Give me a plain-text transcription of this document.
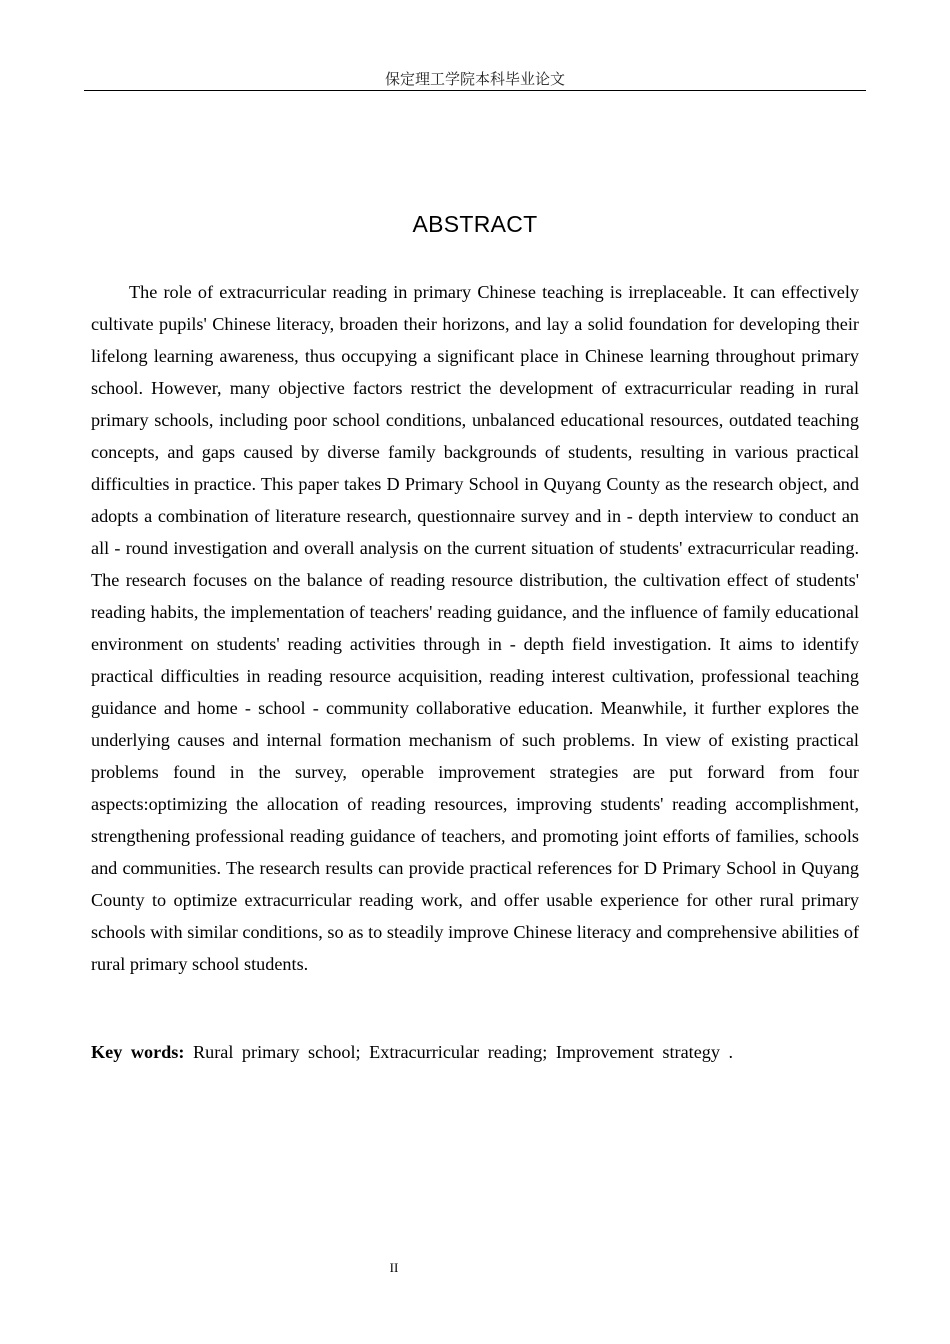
保定理工学院本科毕业论文
ABSTRACT

The role of extracurricular reading in primary Chinese teaching is irreplaceable. It can effectively cultivate pupils' Chinese literacy, broaden their horizons, and lay a solid foundation for developing their lifelong learning awareness, thus occupying a significant place in Chinese learning throughout primary school. However, many objective factors restrict the development of extracurricular reading in rural primary schools, including poor school conditions, unbalanced educational resources, outdated teaching concepts, and gaps caused by diverse family backgrounds of students, resulting in various practical difficulties in practice. This paper takes D Primary School in Quyang County as the research object, and adopts a combination of literature research, questionnaire survey and in - depth interview to conduct an all - round investigation and overall analysis on the current situation of students' extracurricular reading. The research focuses on the balance of reading resource distribution, the cultivation effect of students' reading habits, the implementation of teachers' reading guidance, and the influence of family educational environment on students' reading activities through in - depth field investigation. It aims to identify practical difficulties in reading resource acquisition, reading interest cultivation, professional teaching guidance and home - school - community collaborative education. Meanwhile, it further explores the underlying causes and internal formation mechanism of such problems. In view of existing practical problems found in the survey, operable improvement strategies are put forward from four aspects:optimizing the allocation of reading resources, improving students' reading accomplishment, strengthening professional reading guidance of teachers, and promoting joint efforts of families, schools and communities. The research results can provide practical references for D Primary School in Quyang County to optimize extracurricular reading work, and offer usable experience for other rural primary schools with similar conditions, so as to steadily improve Chinese literacy and comprehensive abilities of rural primary school students.

Key words: Rural primary school; Extracurricular reading; Improvement strategy .
II
